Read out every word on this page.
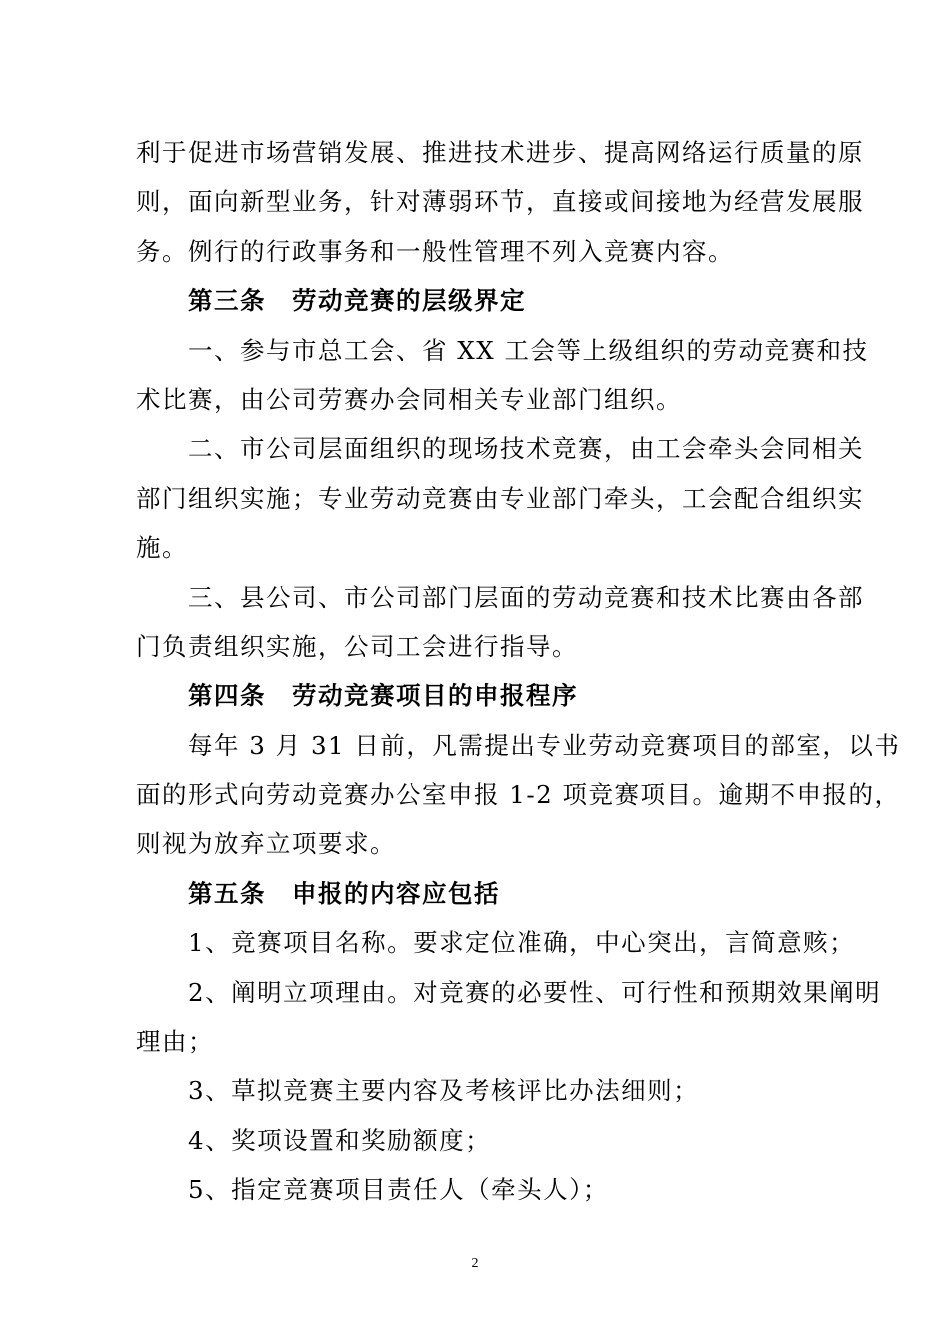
利于促进市场营销发展、推进技术进步、提高网络运行质量的原
则，面向新型业务，针对薄弱环节，直接或间接地为经营发展服
务。例行的行政事务和一般性管理不列入竞赛内容。
第三条　劳动竞赛的层级界定
一、参与市总工会、省 XX 工会等上级组织的劳动竞赛和技
术比赛，由公司劳赛办会同相关专业部门组织。
二、市公司层面组织的现场技术竞赛，由工会牵头会同相关
部门组织实施；专业劳动竞赛由专业部门牵头，工会配合组织实
施。
三、县公司、市公司部门层面的劳动竞赛和技术比赛由各部
门负责组织实施，公司工会进行指导。
第四条　劳动竞赛项目的申报程序
每年 3 月 31 日前，凡需提出专业劳动竞赛项目的部室，以书
面的形式向劳动竞赛办公室申报 1-2 项竞赛项目。逾期不申报的，
则视为放弃立项要求。
第五条　申报的内容应包括
1、竞赛项目名称。要求定位准确，中心突出，言简意赅；
2、阐明立项理由。对竞赛的必要性、可行性和预期效果阐明
理由；
3、草拟竞赛主要内容及考核评比办法细则；
4、奖项设置和奖励额度；
5、指定竞赛项目责任人（牵头人）；
2
